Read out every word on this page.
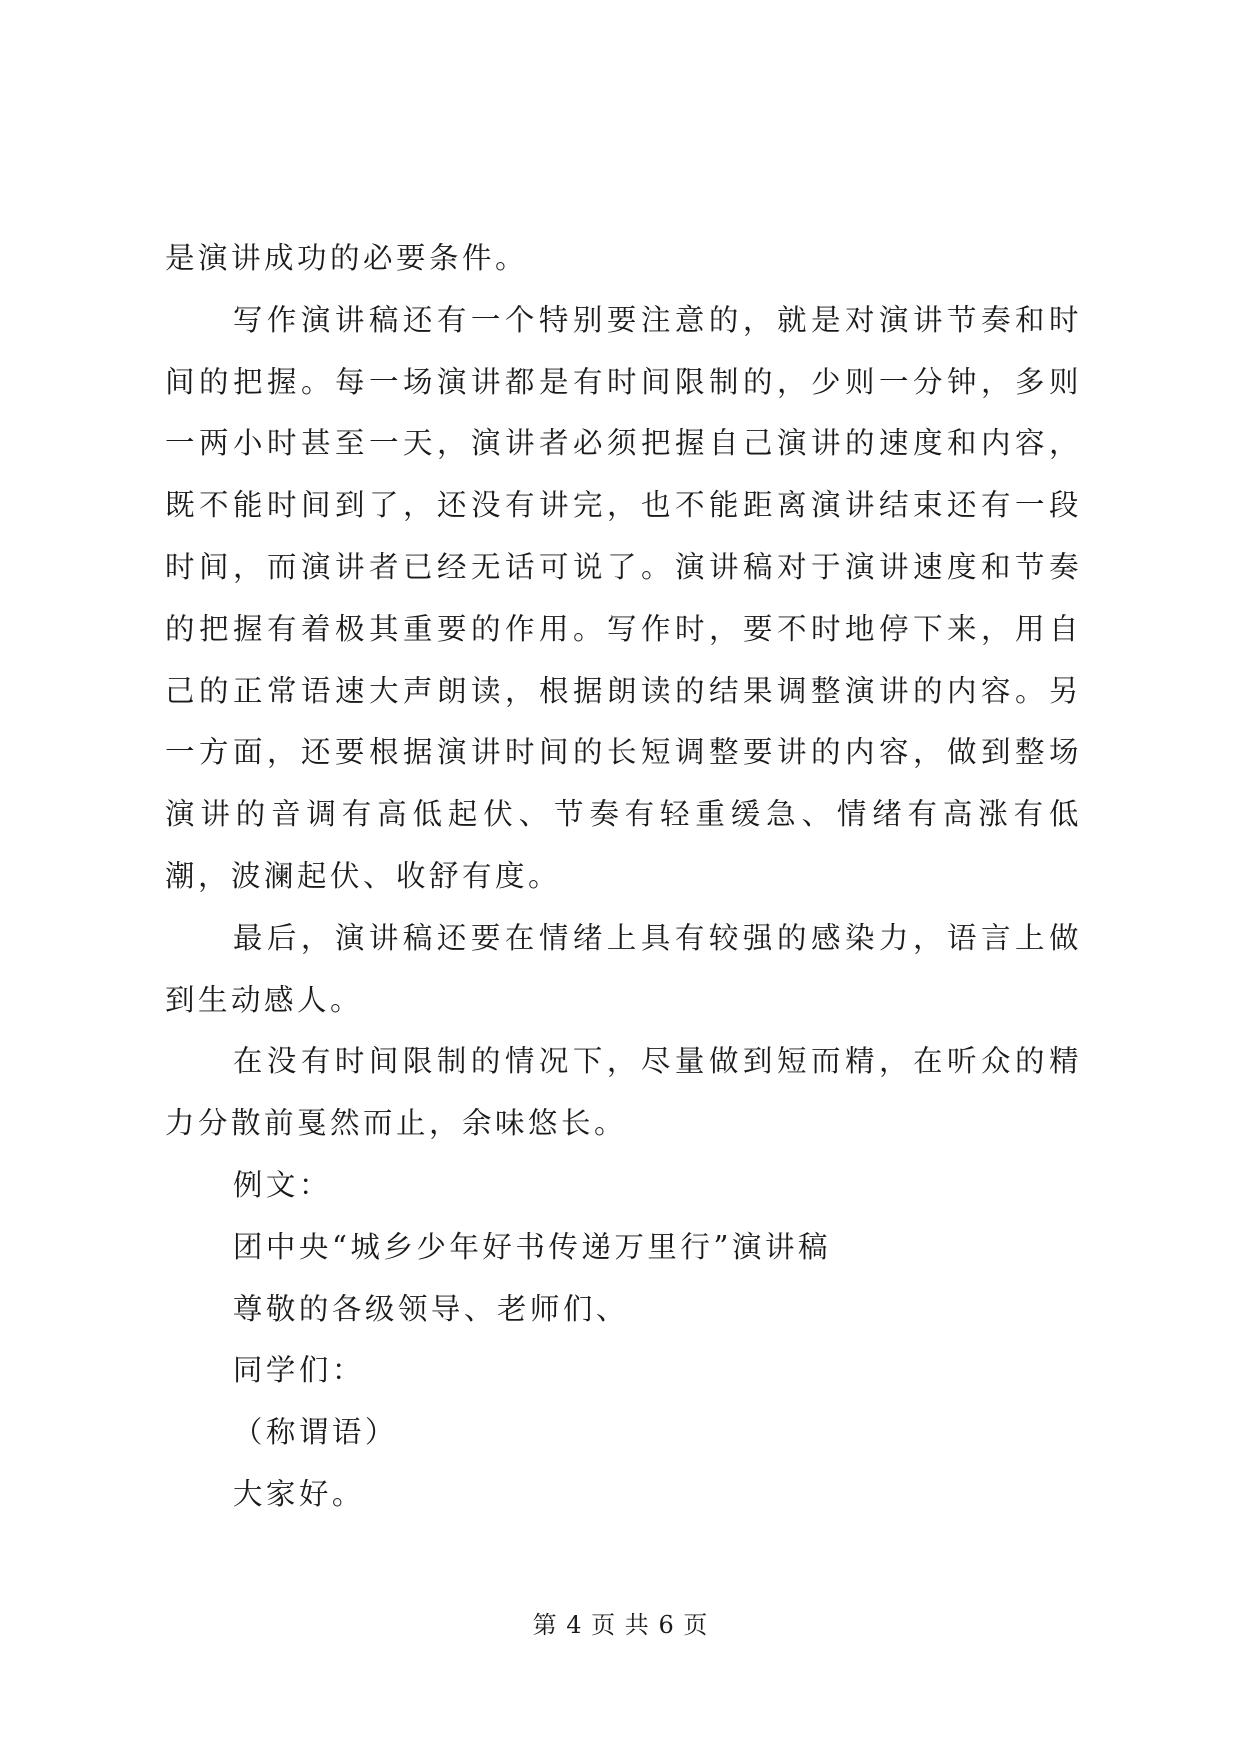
是演讲成功的必要条件。

写作演讲稿还有一个特别要注意的，就是对演讲节奏和时间的把握。每一场演讲都是有时间限制的，少则一分钟，多则一两小时甚至一天，演讲者必须把握自己演讲的速度和内容，既不能时间到了，还没有讲完，也不能距离演讲结束还有一段时间，而演讲者已经无话可说了。演讲稿对于演讲速度和节奏的把握有着极其重要的作用。写作时，要不时地停下来，用自己的正常语速大声朗读，根据朗读的结果调整演讲的内容。另一方面，还要根据演讲时间的长短调整要讲的内容，做到整场演讲的音调有高低起伏、节奏有轻重缓急、情绪有高涨有低潮，波澜起伏、收舒有度。

最后，演讲稿还要在情绪上具有较强的感染力，语言上做到生动感人。

在没有时间限制的情况下，尽量做到短而精，在听众的精力分散前戛然而止，余味悠长。

例文：

团中央“城乡少年好书传递万里行”演讲稿

尊敬的各级领导、老师们、

同学们：

（称谓语）

大家好。

第 4 页 共 6 页
